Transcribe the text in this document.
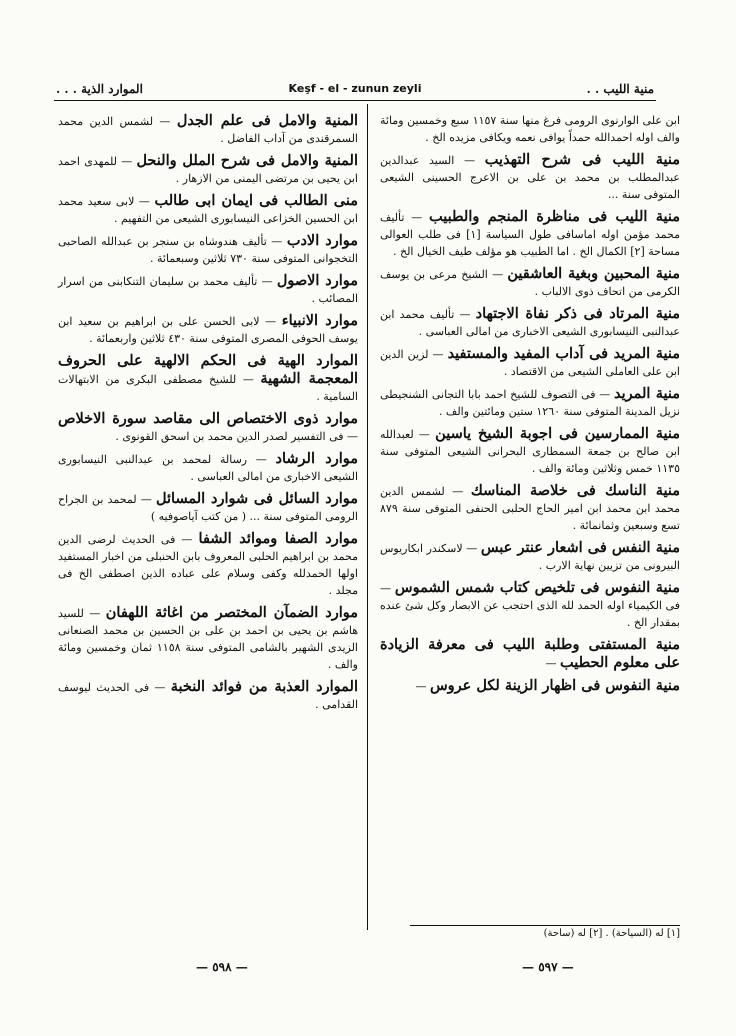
منية الليب . .
Keşf - el - zunun zeyli
الموارد الذية . . .

ابن على الوارنوى الرومى فرغ منها سنة ١١٥٧ سبع وخمسين ومائة والف اوله احمدالله حمداً يوافى نعمه ويكافى مزيده الخ .

منية الليب فى شرح التهذيب — السيد عبدالدين عبدالمطلب بن محمد بن على بن الاعرج الحسينى الشيعى المتوفى سنة ...

منية الليب فى مناظرة المنجم والطبيب — تأليف محمد مؤمن اوله اماسافى طول السياسة [١] فى طلب العوالى مساحة [٢] الكمال الخ . اما الطبيب هو مؤلف طيف الخيال الخ .

منية المحبين وبغية العاشقين — الشيخ مرعى بن يوسف الكرمى من اتحاف ذوى الالباب .

منية المرتاد فى ذكر نفاة الاجتهاد — تأليف محمد ابن عبدالنبى النيسابورى الشيعى الاخبارى من امالى العباسى .

منية المريد فى آداب المفيد والمستفيد — لزين الدين ابن على العاملى الشيعى من الاقتصاد .

منية المريد — فى التصوف للشيخ احمد بابا التجانى الشنجيطى نزيل المدينة المتوفى سنة ١٢٦٠ ستين ومائتين والف .

منية الممارسين فى اجوبة الشيخ ياسين — لعبدالله ابن صالح بن جمعة السمطارى البحرانى الشيعى المتوفى سنة ١١٣٥ خمس وثلاثين ومائة والف .

منية الناسك فى خلاصة المناسك — لشمس الدين محمد ابن محمد ابن امير الحاج الحلبى الحنفى المتوفى سنة ٨٧٩ تسع وسبعين وثمانمائة .

منية النفس فى اشعار عنتر عبس — لاسكندر ابكاريوس البيرونى من تزيين نهاية الارب .

منية النفوس فى تلخيص كتاب شمس الشموس — فى الكيمياء اوله الحمد لله الذى احتجب عن الابصار وكل شئ عنده بمقدار الخ .

منية المستفتى وطلبة الليب فى معرفة الزيادة على معلوم الحطيب —

منية النفوس فى اظهار الزينة لكل عروس —

المنية والامل فى علم الجدل — لشمس الدين محمد السمرقندى من آداب الفاضل .

المنية والامل فى شرح الملل والنحل — للمهدى احمد ابن يحيى بن مرتضى اليمنى من الازهار .

منى الطالب فى ايمان ابى طالب — لابى سعيد محمد ابن الحسين الخزاعى النيسابورى الشيعى من التفهيم .

موارد الادب — تأليف هندوشاه بن سنجر بن عبدالله الصاحبى التخجوانى المتوفى سنة ٧٣٠ ثلاثين وسبعمائة .

موارد الاصول — تأليف محمد بن سليمان التنكابنى من اسرار المصائب .

موارد الانبياء — لابى الحسن على بن ابراهيم بن سعيد ابن يوسف الحوفى المصرى المتوفى سنة ٤٣٠ ثلاثين واربعمائة .

الموارد الهية فى الحكم الالهية على الحروف المعجمة الشهية — للشيخ مصطفى البكرى من الابتهالات السامية .

موارد ذوى الاختصاص الى مقاصد سورة الاخلاص — فى التفسير لصدر الدين محمد بن اسحق القونوى .

موارد الرشاد — رسالة لمحمد بن عبدالنبى النيسابورى الشيعى الاخبارى من امالى العباسى .

موارد السائل فى شوارد المسائل — لمحمد بن الجراح الرومى المتوفى سنة ... ( من كتب آياصوفيه )

موارد الصفا وموائد الشفا — فى الحديث لرضى الدين محمد بن ابراهيم الحلبى المعروف بابن الحنبلى من اخبار المستفيد اولها الحمدلله وكفى وسلام على عباده الذين اصطفى الخ فى مجلد .

موارد الضمآن المختصر من اغاثة اللهفان — للسيد هاشم بن يحيى بن احمد بن على بن الحسين بن محمد الصنعانى الزيدى الشهير بالشامى المتوفى سنة ١١٥٨ ثمان وخمسين ومائة والف .

الموارد العذبة من فوائد النخبة — فى الحديث ليوسف القدامى .

[١] له (السياحة) . [٢] له (ساحة)
— ٥٩٧ —
— ٥٩٨ —
